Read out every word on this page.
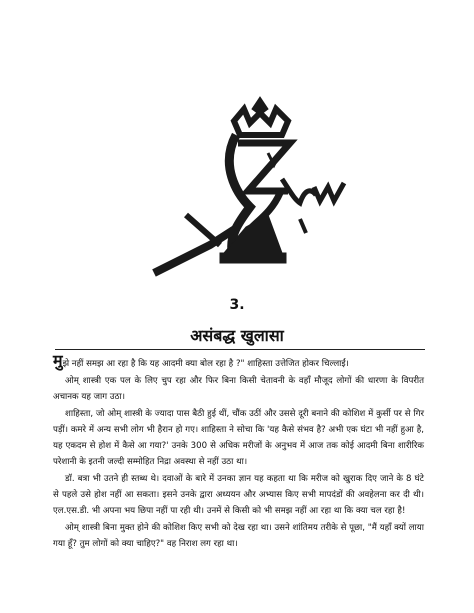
3.
असंबद्ध खुलासा

मुझे नहीं समझ आ रहा है कि यह आदमी क्या बोल रहा है ?" शाहिस्ता उत्तेजित होकर चिल्लाईं।

ओम् शास्त्री एक पल के लिए चुप रहा और फिर बिना किसी चेतावनी के वहाँ मौजूद लोगों की धारणा के विपरीत अचानक यह जाग उठा।

शाहिस्ता, जो ओम् शास्त्री के ज्यादा पास बैठी हुई थीं, चौंक उठीं और उससे दूरी बनाने की कोशिश में कुर्सी पर से गिर पड़ीं। कमरे में अन्य सभी लोग भी हैरान हो गए। शाहिस्ता ने सोचा कि 'यह कैसे संभव है? अभी एक घंटा भी नहीं हुआ है, यह एकदम से होश में कैसे आ गया?' उनके 300 से अधिक मरीजों के अनुभव में आज तक कोई आदमी बिना शारीरिक परेशानी के इतनी जल्दी सम्मोहित निद्रा अवस्था से नहीं उठा था।

डॉ. बत्रा भी उतने ही स्तब्ध थे। दवाओं के बारे में उनका ज्ञान यह कहता था कि मरीज को खुराक दिए जाने के 8 घंटे से पहले उसे होश नहीं आ सकता। इसने उनके द्वारा अध्ययन और अभ्यास किए सभी मापदंडों की अवहेलना कर दी थी। एल.एस.डी. भी अपना भय छिपा नहीं पा रही थी। उनमें से किसी को भी समझ नहीं आ रहा था कि क्या चल रहा है!

ओम् शास्त्री बिना मुक्त होने की कोशिश किए सभी को देख रहा था। उसने शांतिमय तरीके से पूछा, "मैं यहाँ क्यों लाया गया हूँ? तुम लोगों को क्या चाहिए?" वह निराश लग रहा था।
